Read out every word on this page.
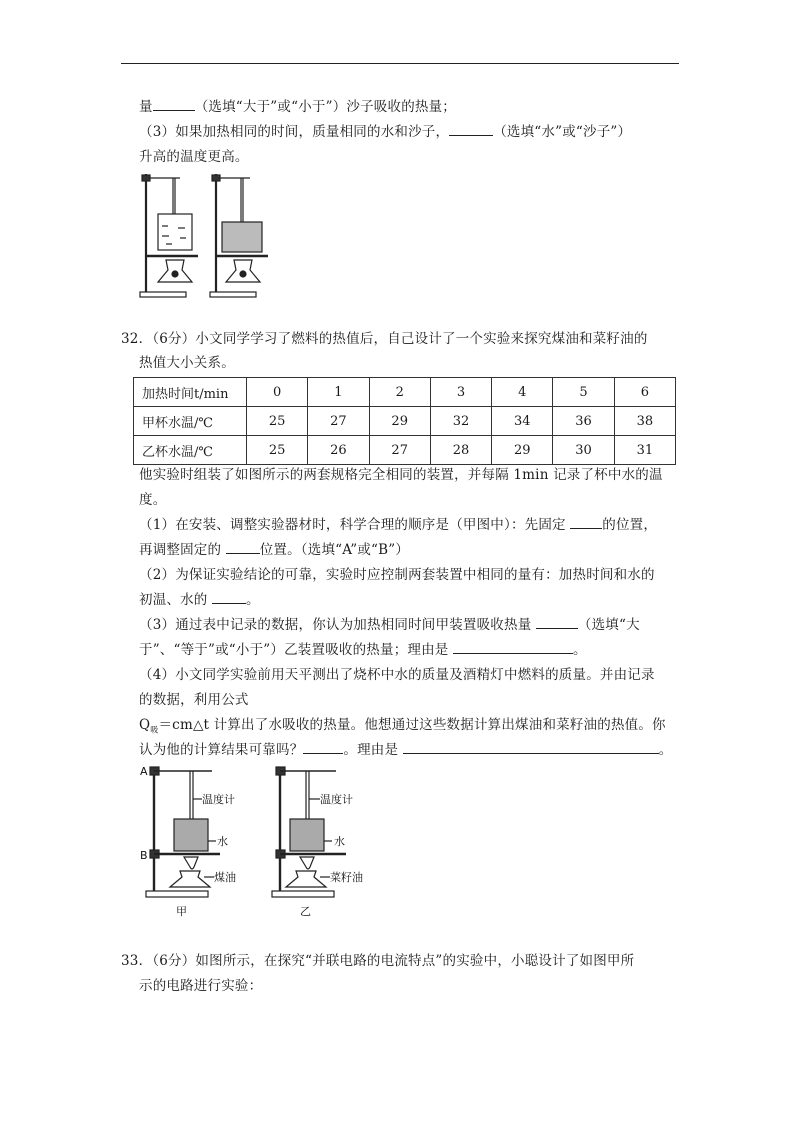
量	（选填“大于”或“小于”）沙子吸收的热量；
（3）如果加热相同的时间，质量相同的水和沙子，	（选填“水”或“沙子”）
升高的温度更高。
32．（6分）小文同学学习了燃料的热值后，自己设计了一个实验来探究煤油和菜籽油的
热值大小关系。
加热时间t/min	0	1	2	3	4	5	6
甲杯水温/℃	25	27	29	32	34	36	38
乙杯水温/℃	25	26	27	28	29	30	31
他实验时组装了如图所示的两套规格完全相同的装置，并每隔 1min 记录了杯中水的温
度。
（1）在安装、调整实验器材时，科学合理的顺序是（甲图中）：先固定	的位置，
再调整固定的	位置。（选填“A”或“B”）
（2）为保证实验结论的可靠，实验时应控制两套装置中相同的量有：加热时间和水的
初温、水的	。
（3）通过表中记录的数据，你认为加热相同时间甲装置吸收热量	（选填“大
于”、“等于”或“小于”）乙装置吸收的热量；理由是	。
（4）小文同学实验前用天平测出了烧杯中水的质量及酒精灯中燃料的质量。并由记录
的数据，利用公式
$Q_吸=cm\triangle t$ 计算出了水吸收的热量。他想通过这些数据计算出煤油和菜籽油的热值。你
认为他的计算结果可靠吗？	。理由是	。
A
B
温度计
水
煤油
甲
温度计
水
菜籽油
乙
33．（6分）如图所示，在探究“并联电路的电流特点”的实验中，小聪设计了如图甲所
示的电路进行实验：
